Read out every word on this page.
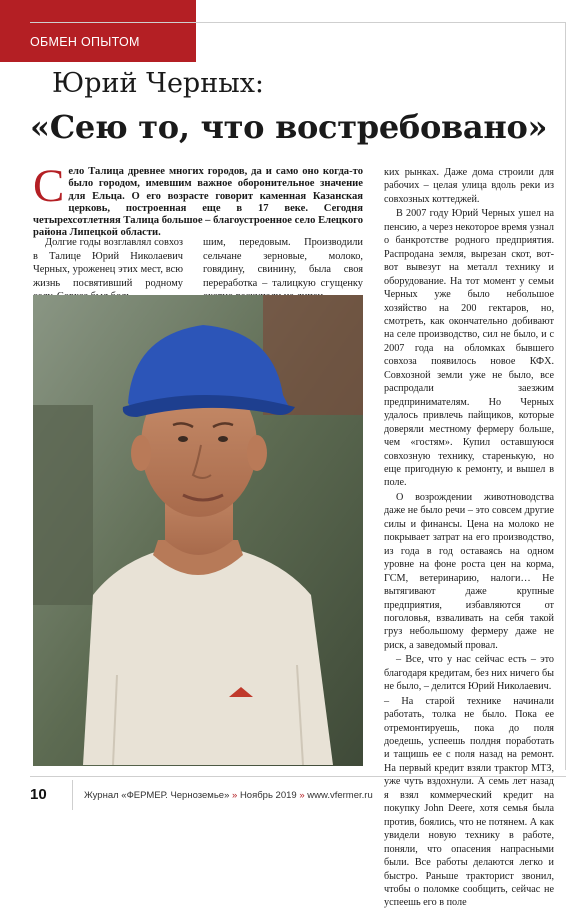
ОБМЕН ОПЫТОМ
Юрий Черных:
«Сею то, что востребовано»
Село Талица древнее многих городов, да и само оно когда-то было городом, имевшим важное оборонительное значение для Ельца. О его возрасте говорит каменная Казанская церковь, построенная еще в 17 веке. Сегодня четырехсотлетняя Талица большое – благоустроенное село Елецкого района Липецкой области.

Долгие годы возглавлял совхоз в Талице Юрий Николаевич Черных, уроженец этих мест, всю жизнь посвятивший родному

шим, передовым. Производили сельчане зерновые, молоко, говядину, свинину, была своя переработка – талицкую сгущенку

ких рынках. Даже дома строили для рабочих – целая улица вдоль реки из совхозных коттеджей.

В 2007 году Юрий Черных ушел на пенсию, а через некоторое время узнал о банкротстве родного предприятия. Распродана земля, вырезан скот, вот-вот вывезут на металл технику и оборудование. На тот момент у семьи Черных уже было небольшое хозяйство на 200 гектаров, но, смотреть, как окончательно добивают на селе производство, сил не было, и с 2007 года на обломках бывшего совхоза появилось новое КФХ. Совхозной земли уже не было, все распродали заезжим предпринимателям. Но Черных удалось привлечь пайщиков, которые доверяли местному фермеру больше, чем «гостям». Купил оставшуюся совхозную технику, старенькую, но еще пригодную к ремонту, и вышел в поле.

О возрождении животноводства даже не было речи – это совсем другие силы и финансы. Цена на молоко не покрывает затрат на его производство, из года в год оставаясь на одном уровне на фоне роста цен на корма, ГСМ, ветеринарию, налоги… Не вытягивают даже крупные предприятия, избавляются от поголовья, взваливать на себя такой груз небольшому фермеру даже не риск, а заведомый провал.

– Все, что у нас сейчас есть – это благодаря кредитам, без них ничего бы не было, – делится Юрий Николаевич.

– На старой технике начинали работать, толка не было. Пока ее отремонтируешь, пока до поля доедешь, успеешь полдня поработать и тащишь ее с поля назад на ремонт. На первый кредит взяли трактор МТЗ, уже чуть вздохнули. А семь лет назад я взял коммерческий кредит на покупку John Deere, хотя семья была против, боялись, что не потянем. А как увидели новую технику в работе, поняли, что опасения напрасными были. Все работы делаются легко и быстро. Раньше тракторист звонил, чтобы о поломке сообщить, сейчас не успеешь его в поле

10	Журнал «ФЕРМЕР. Черноземье» » Ноябрь 2019 » www.vfermer.ru
